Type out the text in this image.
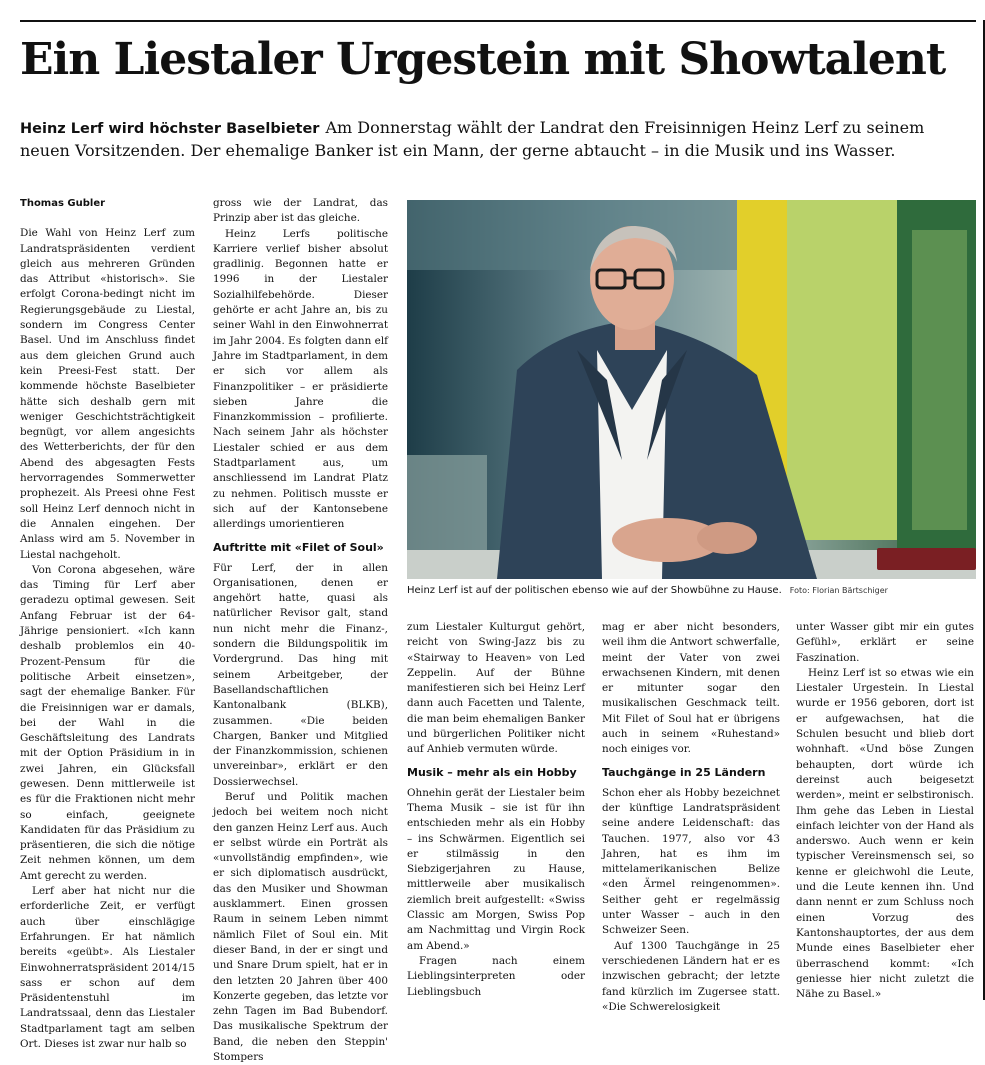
Ein Liestaler Urgestein mit Showtalent
Heinz Lerf wird höchster Baselbieter Am Donnerstag wählt der Landrat den Freisinnigen Heinz Lerf zu seinem neuen Vorsitzenden. Der ehemalige Banker ist ein Mann, der gerne abtaucht – in die Musik und ins Wasser.

Thomas Gubler

Die Wahl von Heinz Lerf zum Landratspräsidenten verdient gleich aus mehreren Gründen das Attribut «historisch». Sie erfolgt Corona-bedingt nicht im Regierungsgebäude zu Liestal, sondern im Congress Center Basel. Und im Anschluss findet aus dem gleichen Grund auch kein Preesi-Fest statt. Der kommende höchste Baselbieter hätte sich deshalb gern mit weniger Geschichtsträchtigkeit begnügt, vor allem angesichts des Wetterberichts, der für den Abend des abgesagten Fests hervorragendes Sommerwetter prophezeit. Als Preesi ohne Fest soll Heinz Lerf dennoch nicht in die Annalen eingehen. Der Anlass wird am 5. November in Liestal nachgeholt.

Von Corona abgesehen, wäre das Timing für Lerf aber geradezu optimal gewesen. Seit Anfang Februar ist der 64-Jährige pensioniert. «Ich kann deshalb problemlos ein 40-Prozent-Pensum für die politische Arbeit einsetzen», sagt der ehemalige Banker. Für die Freisinnigen war er damals, bei der Wahl in die Geschäftsleitung des Landrats mit der Option Präsidium in in zwei Jahren, ein Glücksfall gewesen. Denn mittlerweile ist es für die Fraktionen nicht mehr so einfach, geeignete Kandidaten für das Präsidium zu präsentieren, die sich die nötige Zeit nehmen können, um dem Amt gerecht zu werden.

Lerf aber hat nicht nur die erforderliche Zeit, er verfügt auch über einschlägige Erfahrungen. Er hat nämlich bereits «geübt». Als Liestaler Einwohnerratspräsident 2014/15 sass er schon auf dem Präsidentenstuhl im Landratssaal, denn das Liestaler Stadtparlament tagt am selben Ort. Dieses ist zwar nur halb so

gross wie der Landrat, das Prinzip aber ist das gleiche.

Heinz Lerfs politische Karriere verlief bisher absolut gradlinig. Begonnen hatte er 1996 in der Liestaler Sozialhilfebehörde. Dieser gehörte er acht Jahre an, bis zu seiner Wahl in den Einwohnerrat im Jahr 2004. Es folgten dann elf Jahre im Stadtparlament, in dem er sich vor allem als Finanzpolitiker – er präsidierte sieben Jahre die Finanzkommission – profilierte. Nach seinem Jahr als höchster Liestaler schied er aus dem Stadtparlament aus, um anschliessend im Landrat Platz zu nehmen. Politisch musste er sich auf der Kantonsebene allerdings umorientieren

Auftritte mit «Filet of Soul»

Für Lerf, der in allen Organisationen, denen er angehört hatte, quasi als natürlicher Revisor galt, stand nun nicht mehr die Finanz-, sondern die Bildungspolitik im Vordergrund. Das hing mit seinem Arbeitgeber, der Basellandschaftlichen Kantonalbank (BLKB), zusammen. «Die beiden Chargen, Banker und Mitglied der Finanzkommission, schienen unvereinbar», erklärt er den Dossierwechsel.

Beruf und Politik machen jedoch bei weitem noch nicht den ganzen Heinz Lerf aus. Auch er selbst würde ein Porträt als «unvollständig empfinden», wie er sich diplomatisch ausdrückt, das den Musiker und Showman ausklammert. Einen grossen Raum in seinem Leben nimmt nämlich Filet of Soul ein. Mit dieser Band, in der er singt und und Snare Drum spielt, hat er in den letzten 20 Jahren über 400 Konzerte gegeben, das letzte vor zehn Tagen im Bad Bubendorf. Das musikalische Spektrum der Band, die neben den Steppin' Stompers

Heinz Lerf ist auf der politischen ebenso wie auf der Showbühne zu Hause. Foto: Florian Bärtschiger

zum Liestaler Kulturgut gehört, reicht von Swing-Jazz bis zu «Stairway to Heaven» von Led Zeppelin. Auf der Bühne manifestieren sich bei Heinz Lerf dann auch Facetten und Talente, die man beim ehemaligen Banker und bürgerlichen Politiker nicht auf Anhieb vermuten würde.

Musik – mehr als ein Hobby

Ohnehin gerät der Liestaler beim Thema Musik – sie ist für ihn entschieden mehr als ein Hobby – ins Schwärmen. Eigentlich sei er stilmässig in den Siebzigerjahren zu Hause, mittlerweile aber musikalisch ziemlich breit aufgestellt: «Swiss Classic am Morgen, Swiss Pop am Nachmittag und Virgin Rock am Abend.»

Fragen nach einem Lieblingsinterpreten oder Lieblingsbuch

mag er aber nicht besonders, weil ihm die Antwort schwerfalle, meint der Vater von zwei erwachsenen Kindern, mit denen er mitunter sogar den musikalischen Geschmack teilt. Mit Filet of Soul hat er übrigens auch in seinem «Ruhestand» noch einiges vor.

Tauchgänge in 25 Ländern

Schon eher als Hobby bezeichnet der künftige Landratspräsident seine andere Leidenschaft: das Tauchen. 1977, also vor 43 Jahren, hat es ihm im mittelamerikanischen Belize «den Ärmel reingenommen». Seither geht er regelmässig unter Wasser – auch in den Schweizer Seen.

Auf 1300 Tauchgänge in 25 verschiedenen Ländern hat er es inzwischen gebracht; der letzte fand kürzlich im Zugersee statt. «Die Schwerelosigkeit

unter Wasser gibt mir ein gutes Gefühl», erklärt er seine Faszination.

Heinz Lerf ist so etwas wie ein Liestaler Urgestein. In Liestal wurde er 1956 geboren, dort ist er aufgewachsen, hat die Schulen besucht und blieb dort wohnhaft. «Und böse Zungen behaupten, dort würde ich dereinst auch beigesetzt werden», meint er selbstironisch. Ihm gehe das Leben in Liestal einfach leichter von der Hand als anderswo. Auch wenn er kein typischer Vereinsmensch sei, so kenne er gleichwohl die Leute, und die Leute kennen ihn. Und dann nennt er zum Schluss noch einen Vorzug des Kantonshauptortes, der aus dem Munde eines Baselbieter eher überraschend kommt: «Ich geniesse hier nicht zuletzt die Nähe zu Basel.»
